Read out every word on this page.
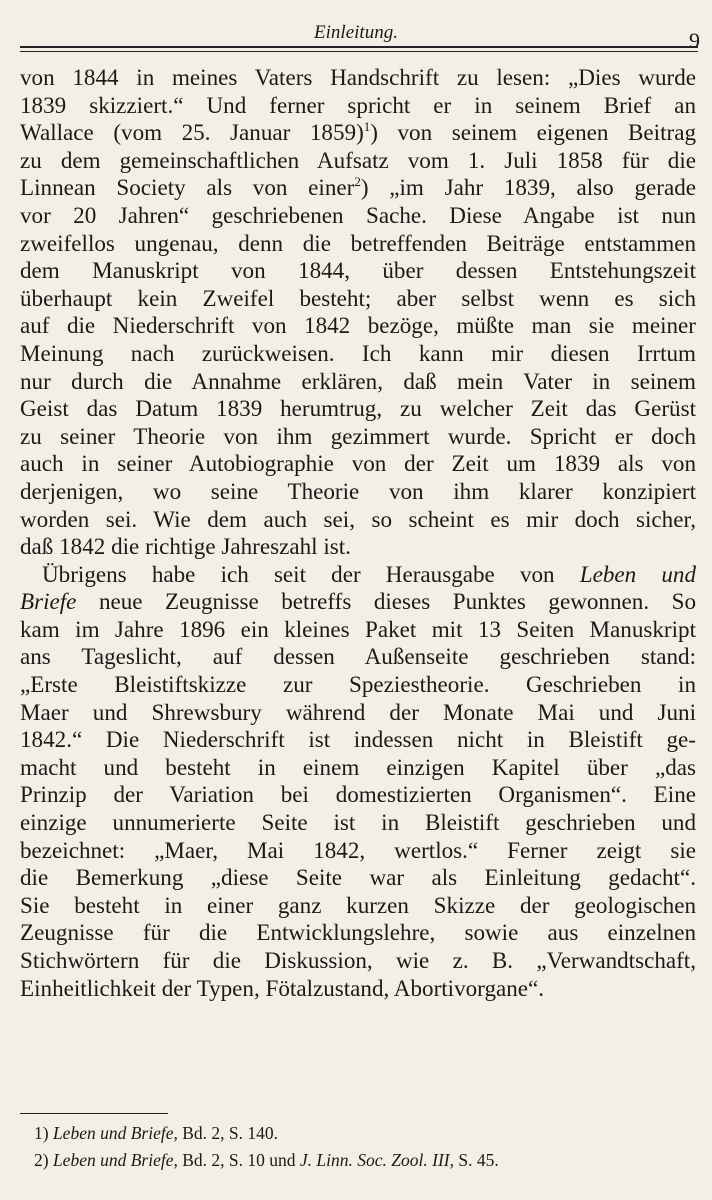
Einleitung.	9
von 1844 in meines Vaters Handschrift zu lesen: „Dies wurde
1839 skizziert.“ Und ferner spricht er in seinem Brief an
Wallace (vom 25. Januar 1859)$^1$) von seinem eigenen Beitrag
zu dem gemeinschaftlichen Aufsatz vom 1. Juli 1858 für die
Linnean Society als von einer$^2$) „im Jahr 1839, also gerade
vor 20 Jahren“ geschriebenen Sache. Diese Angabe ist nun
zweifellos ungenau, denn die betreffenden Beiträge entstammen
dem Manuskript von 1844, über dessen Entstehungszeit
überhaupt kein Zweifel besteht; aber selbst wenn es sich
auf die Niederschrift von 1842 bezöge, müßte man sie meiner
Meinung nach zurückweisen. Ich kann mir diesen Irrtum
nur durch die Annahme erklären, daß mein Vater in seinem
Geist das Datum 1839 herumtrug, zu welcher Zeit das Gerüst
zu seiner Theorie von ihm gezimmert wurde. Spricht er doch
auch in seiner Autobiographie von der Zeit um 1839 als von
derjenigen, wo seine Theorie von ihm klarer konzipiert
worden sei. Wie dem auch sei, so scheint es mir doch sicher,
daß 1842 die richtige Jahreszahl ist.
Übrigens habe ich seit der Herausgabe von Leben und
Briefe neue Zeugnisse betreffs dieses Punktes gewonnen. So
kam im Jahre 1896 ein kleines Paket mit 13 Seiten Manuskript
ans Tageslicht, auf dessen Außenseite geschrieben stand:
„Erste Bleistiftskizze zur Speziestheorie. Geschrieben in
Maer und Shrewsbury während der Monate Mai und Juni
1842.“ Die Niederschrift ist indessen nicht in Bleistift ge-
macht und besteht in einem einzigen Kapitel über „das
Prinzip der Variation bei domestizierten Organismen“. Eine
einzige unnumerierte Seite ist in Bleistift geschrieben und
bezeichnet: „Maer, Mai 1842, wertlos.“ Ferner zeigt sie
die Bemerkung „diese Seite war als Einleitung gedacht“.
Sie besteht in einer ganz kurzen Skizze der geologischen
Zeugnisse für die Entwicklungslehre, sowie aus einzelnen
Stichwörtern für die Diskussion, wie z. B. „Verwandtschaft,
Einheitlichkeit der Typen, Fötalzustand, Abortivorgane“.
1) Leben und Briefe, Bd. 2, S. 140.
2) Leben und Briefe, Bd. 2, S. 10 und J. Linn. Soc. Zool. III, S. 45.
